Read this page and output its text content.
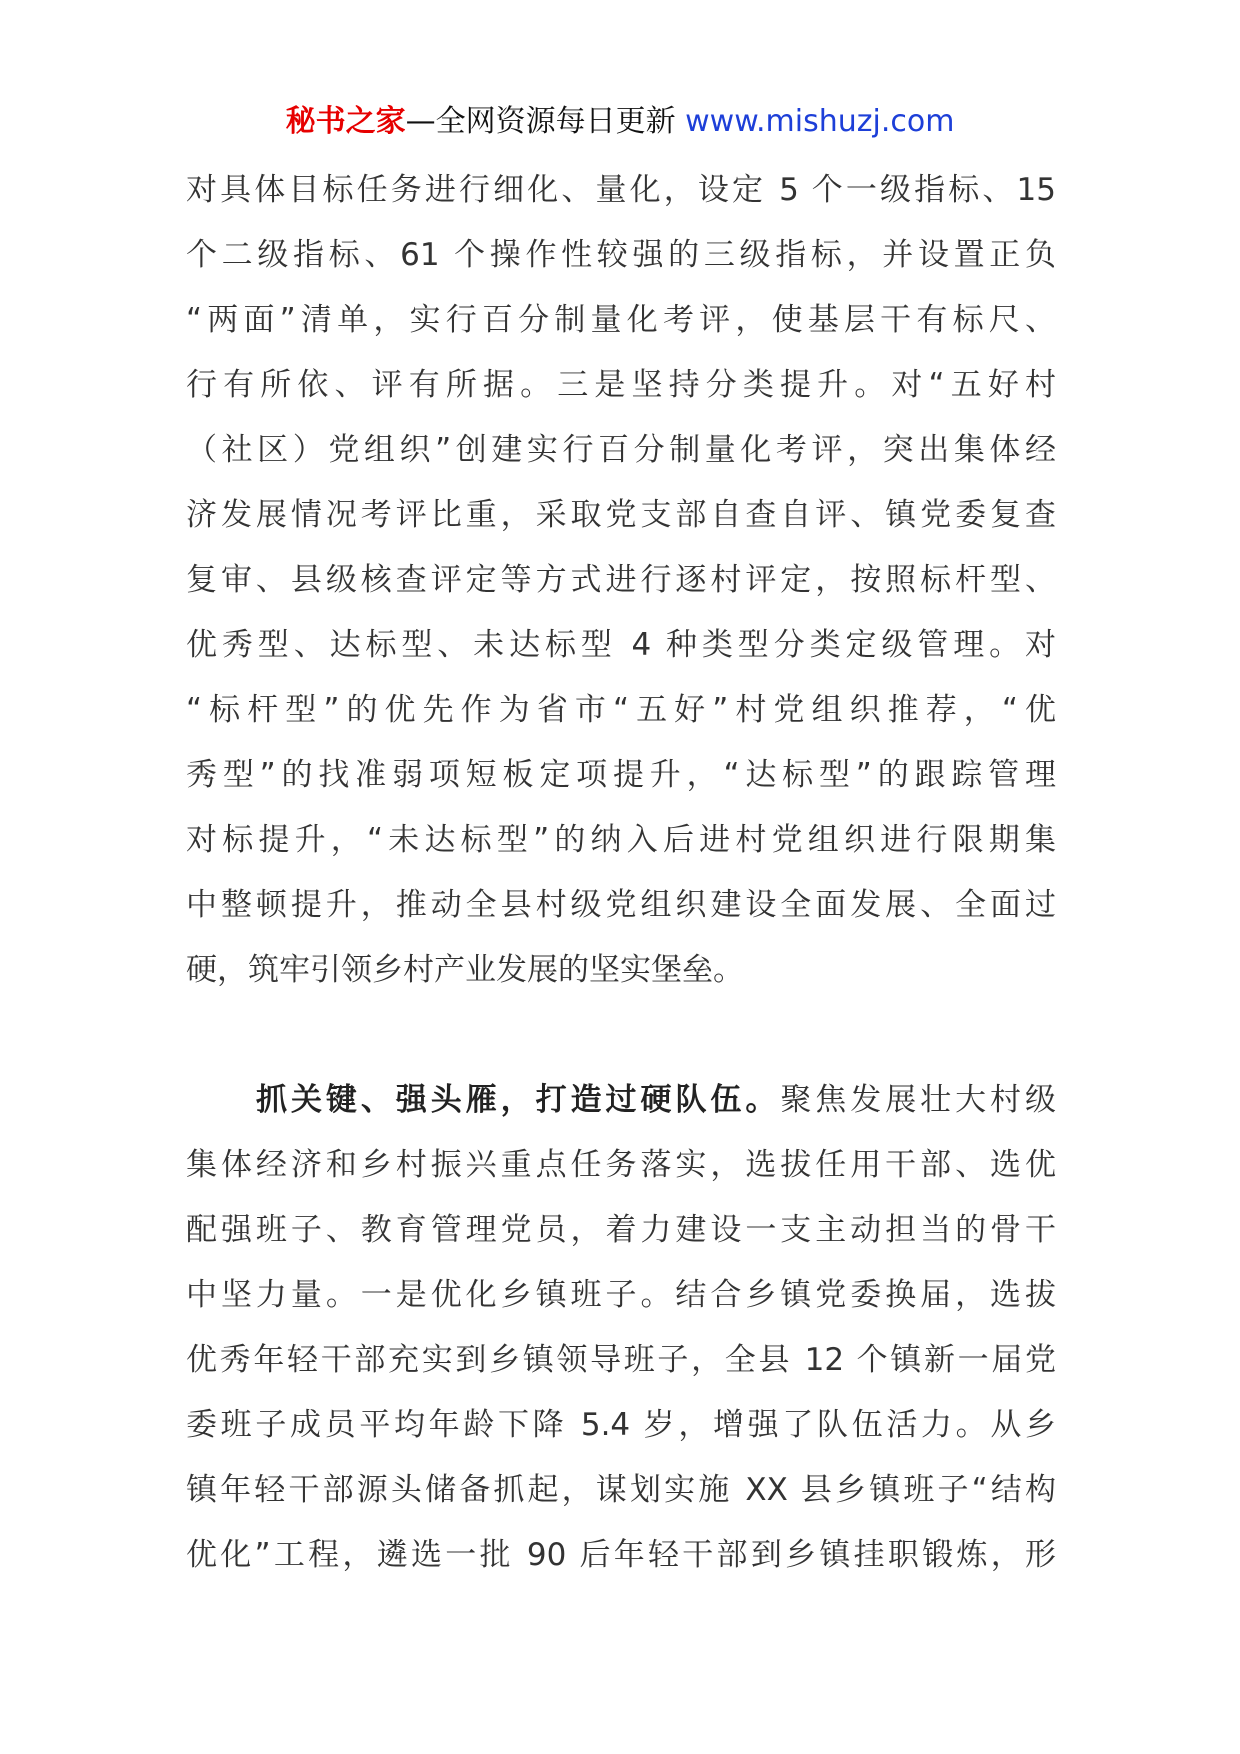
秘书之家—全网资源每日更新 www.mishuzj.com
对具体目标任务进行细化、量化，设定 5 个一级指标、15
个二级指标、61 个操作性较强的三级指标，并设置正负
“两面”清单，实行百分制量化考评，使基层干有标尺、
行有所依、评有所据。三是坚持分类提升。对“五好村
（社区）党组织”创建实行百分制量化考评，突出集体经
济发展情况考评比重，采取党支部自查自评、镇党委复查
复审、县级核查评定等方式进行逐村评定，按照标杆型、
优秀型、达标型、未达标型 4 种类型分类定级管理。对
“标杆型”的优先作为省市“五好”村党组织推荐，“优
秀型”的找准弱项短板定项提升，“达标型”的跟踪管理
对标提升，“未达标型”的纳入后进村党组织进行限期集
中整顿提升，推动全县村级党组织建设全面发展、全面过
硬，筑牢引领乡村产业发展的坚实堡垒。
抓关键、强头雁，打造过硬队伍。聚焦发展壮大村级
集体经济和乡村振兴重点任务落实，选拔任用干部、选优
配强班子、教育管理党员，着力建设一支主动担当的骨干
中坚力量。一是优化乡镇班子。结合乡镇党委换届，选拔
优秀年轻干部充实到乡镇领导班子，全县 12 个镇新一届党
委班子成员平均年龄下降 5.4 岁，增强了队伍活力。从乡
镇年轻干部源头储备抓起，谋划实施 XX 县乡镇班子“结构
优化”工程，遴选一批 90 后年轻干部到乡镇挂职锻炼，形
